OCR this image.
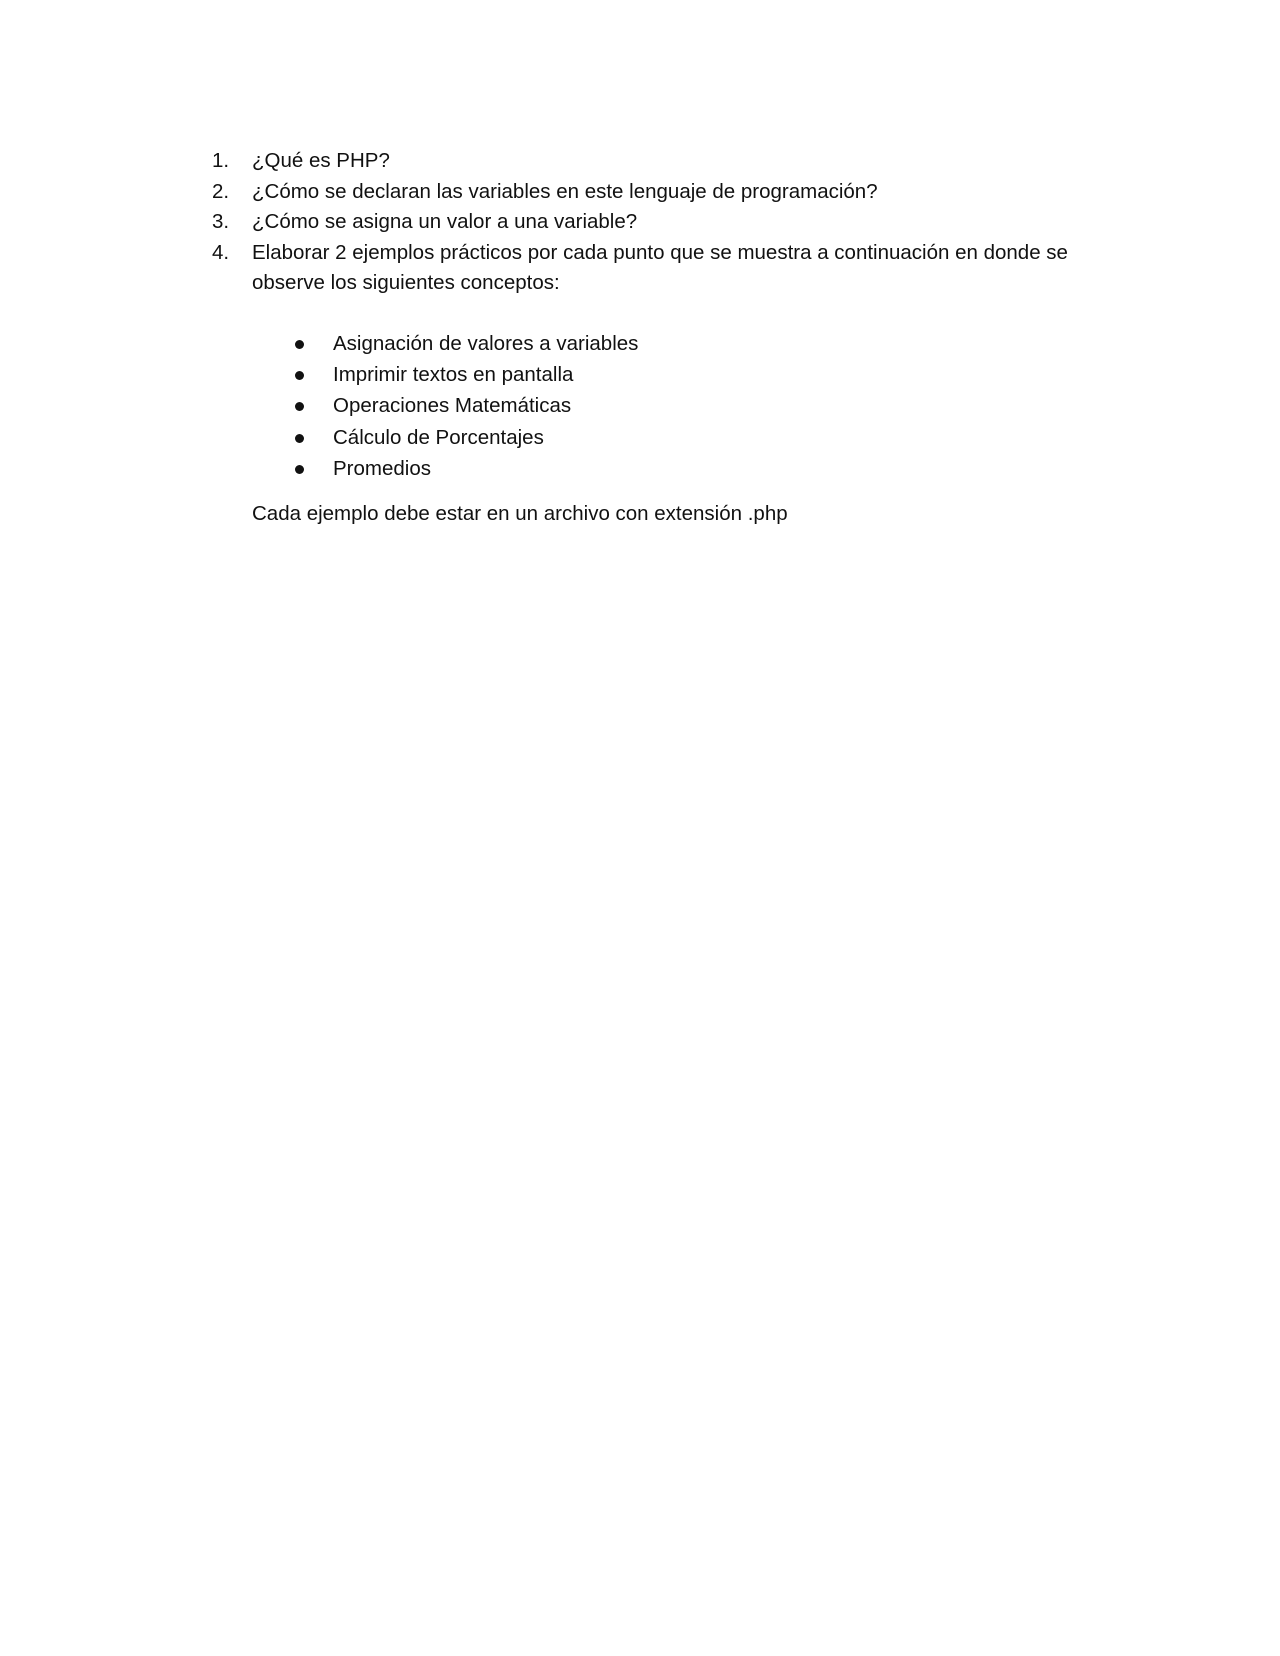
1.	¿Qué es PHP?
2.	¿Cómo se declaran las variables en este lenguaje de programación?
3.	¿Cómo se asigna un valor a una variable?
4.	Elaborar 2 ejemplos prácticos por cada punto que se muestra a continuación en donde se observe los siguientes conceptos:
Asignación de valores a variables
Imprimir textos en pantalla
Operaciones Matemáticas
Cálculo de Porcentajes
Promedios

Cada ejemplo debe estar en un archivo con extensión .php
